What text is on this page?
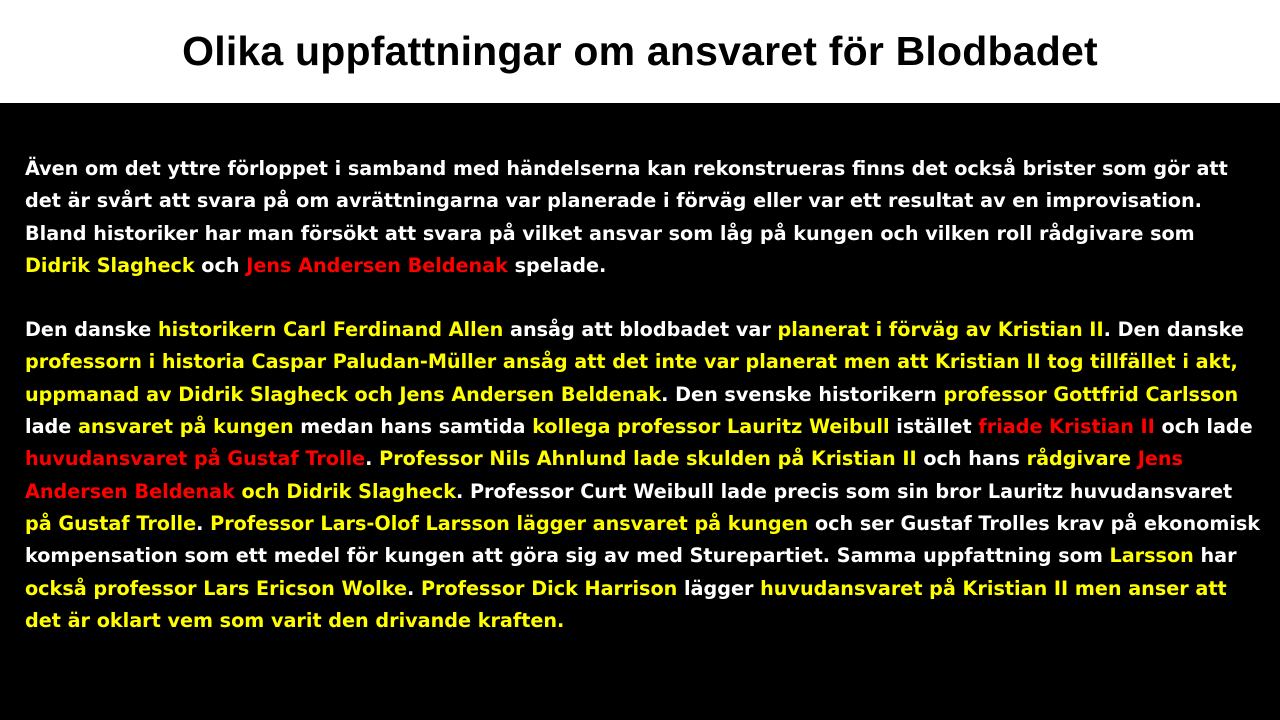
Olika uppfattningar om ansvaret för Blodbadet

Även om det yttre förloppet i samband med händelserna kan rekonstrueras finns det också brister som gör att det är svårt att svara på om avrättningarna var planerade i förväg eller var ett resultat av en improvisation. Bland historiker har man försökt att svara på vilket ansvar som låg på kungen och vilken roll rådgivare som Didrik Slagheck och Jens Andersen Beldenak spelade.

Den danske historikern Carl Ferdinand Allen ansåg att blodbadet var planerat i förväg av Kristian II. Den danske professorn i historia Caspar Paludan-Müller ansåg att det inte var planerat men att Kristian II tog tillfället i akt, uppmanad av Didrik Slagheck och Jens Andersen Beldenak. Den svenske historikern professor Gottfrid Carlsson lade ansvaret på kungen medan hans samtida kollega professor Lauritz Weibull istället friade Kristian II och lade huvudansvaret på Gustaf Trolle. Professor Nils Ahnlund lade skulden på Kristian II och hans rådgivare Jens Andersen Beldenak och Didrik Slagheck. Professor Curt Weibull lade precis som sin bror Lauritz huvudansvaret på Gustaf Trolle. Professor Lars-Olof Larsson lägger ansvaret på kungen och ser Gustaf Trolles krav på ekonomisk kompensation som ett medel för kungen att göra sig av med Sturepartiet. Samma uppfattning som Larsson har också professor Lars Ericson Wolke. Professor Dick Harrison lägger huvudansvaret på Kristian II men anser att det är oklart vem som varit den drivande kraften.
